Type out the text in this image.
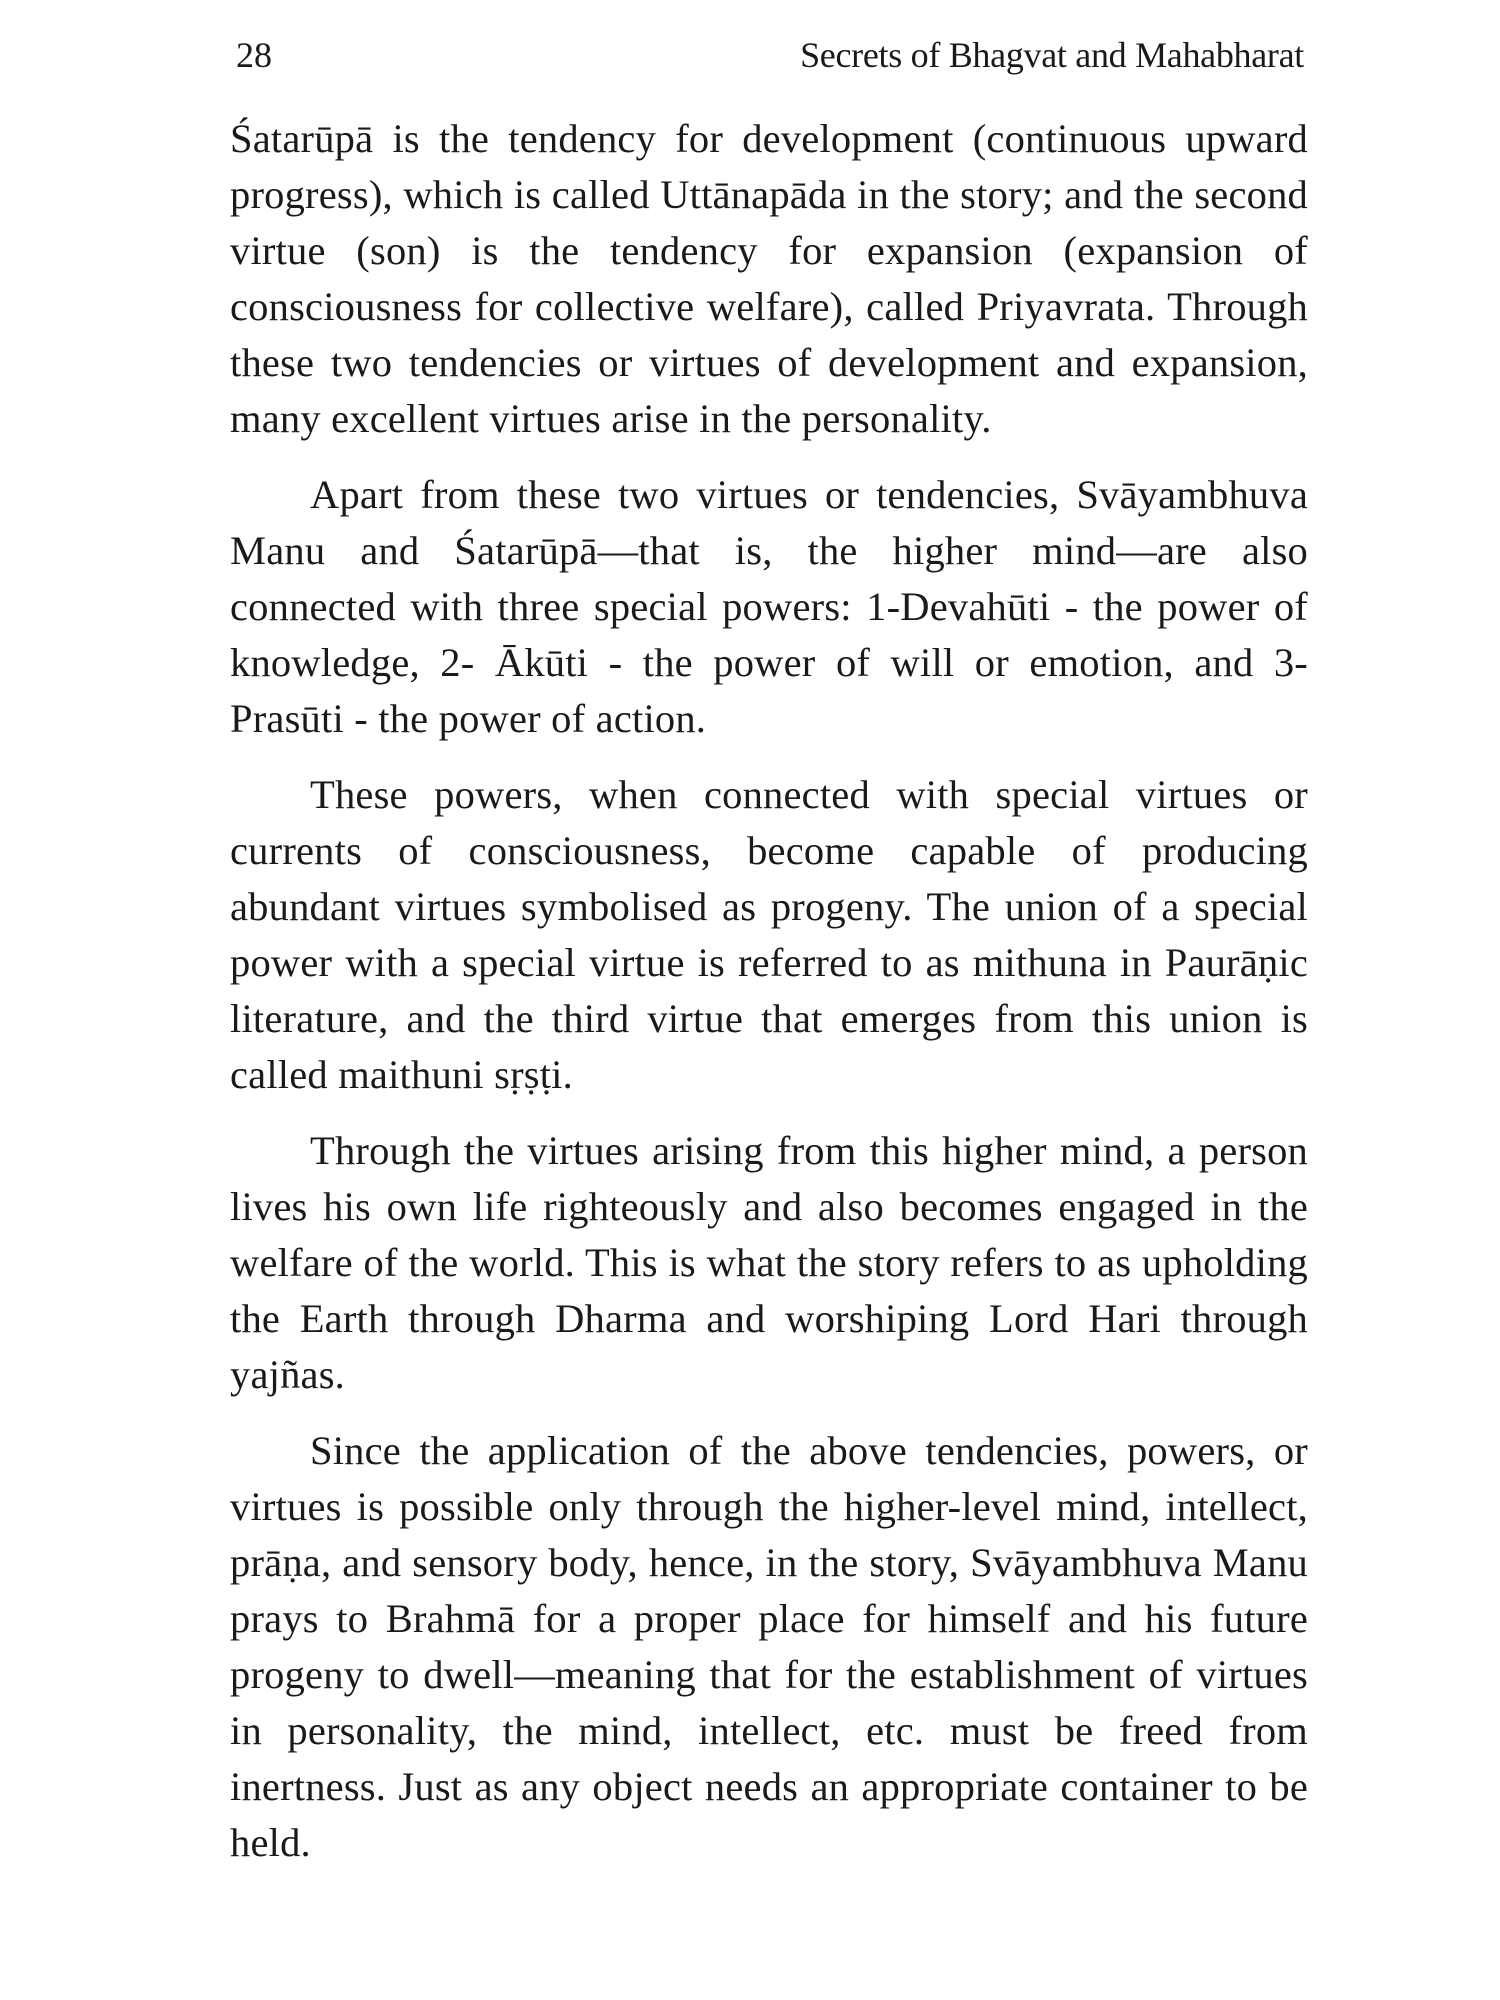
28	Secrets of Bhagvat and Mahabharat

Śatarūpā is the tendency for development (continuous upward progress), which is called Uttānapāda in the story; and the second virtue (son) is the tendency for expansion (expansion of consciousness for collective welfare), called Priyavrata. Through these two tendencies or virtues of development and expansion, many excellent virtues arise in the personality.

Apart from these two virtues or tendencies, Svāyambhuva Manu and Śatarūpā—that is, the higher mind—are also connected with three special powers: 1-Devahūti - the power of knowledge, 2- Ākūti - the power of will or emotion, and 3- Prasūti - the power of action.

These powers, when connected with special virtues or currents of consciousness, become capable of producing abundant virtues symbolised as progeny. The union of a special power with a special virtue is referred to as mithuna in Paurāṇic literature, and the third virtue that emerges from this union is called maithuni sṛṣṭi.

Through the virtues arising from this higher mind, a person lives his own life righteously and also becomes engaged in the welfare of the world. This is what the story refers to as upholding the Earth through Dharma and worshiping Lord Hari through yajñas.

Since the application of the above tendencies, powers, or virtues is possible only through the higher-level mind, intellect, prāṇa, and sensory body, hence, in the story, Svāyambhuva Manu prays to Brahmā for a proper place for himself and his future progeny to dwell—meaning that for the establishment of virtues in personality, the mind, intellect, etc. must be freed from inertness. Just as any object needs an appropriate container to be held.
